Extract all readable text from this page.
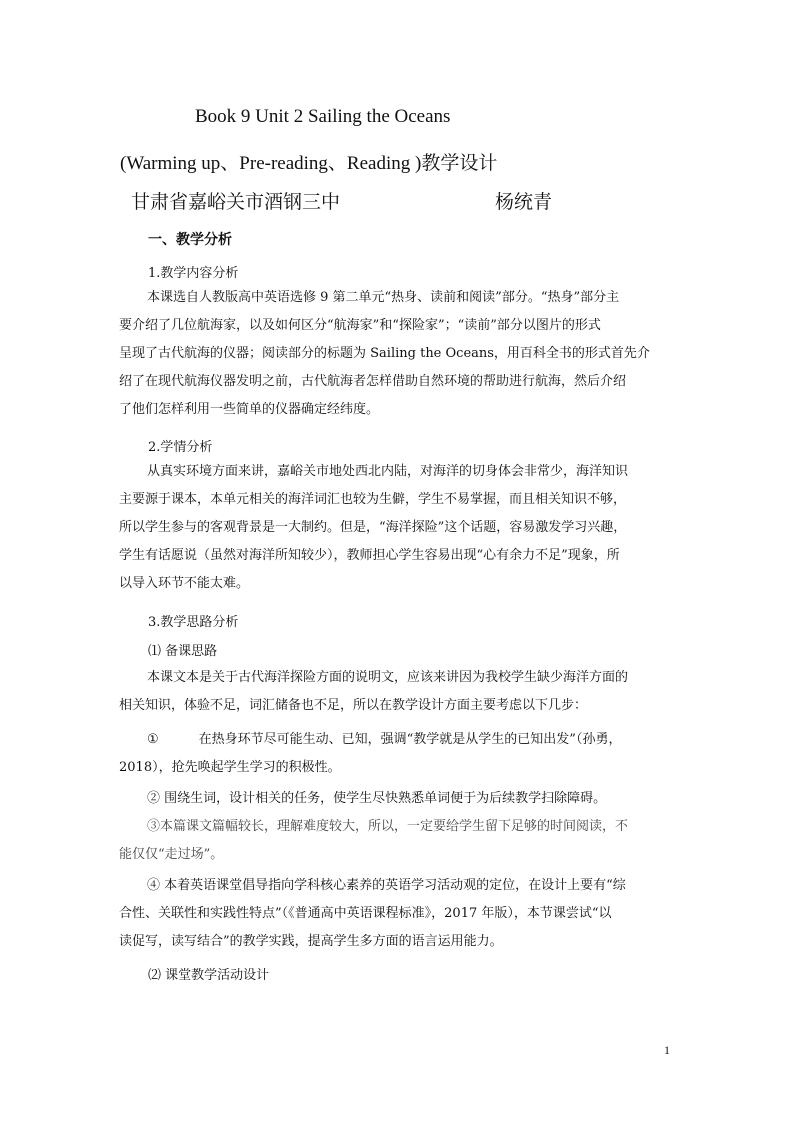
Book 9 Unit 2 Sailing the Oceans
(Warming up、Pre-reading、Reading )教学设计
甘肃省嘉峪关市酒钢三中	杨统青
一、教学分析
1.教学内容分析
本课选自人教版高中英语选修 9 第二单元“热身、读前和阅读”部分。“热身”部分主
要介绍了几位航海家，以及如何区分“航海家”和“探险家”；“读前”部分以图片的形式
呈现了古代航海的仪器；阅读部分的标题为 Sailing the Oceans，用百科全书的形式首先介
绍了在现代航海仪器发明之前，古代航海者怎样借助自然环境的帮助进行航海，然后介绍
了他们怎样利用一些简单的仪器确定经纬度。
2.学情分析
从真实环境方面来讲，嘉峪关市地处西北内陆，对海洋的切身体会非常少，海洋知识
主要源于课本，本单元相关的海洋词汇也较为生僻，学生不易掌握，而且相关知识不够，
所以学生参与的客观背景是一大制约。但是，“海洋探险”这个话题，容易激发学习兴趣，
学生有话愿说（虽然对海洋所知较少），教师担心学生容易出现“心有余力不足”现象，所
以导入环节不能太难。
3.教学思路分析
⑴ 备课思路
本课文本是关于古代海洋探险方面的说明文，应该来讲因为我校学生缺少海洋方面的
相关知识，体验不足，词汇储备也不足，所以在教学设计方面主要考虑以下几步：
①	在热身环节尽可能生动、已知，强调“教学就是从学生的已知出发”（孙勇，
2018），抢先唤起学生学习的积极性。
② 围绕生词，设计相关的任务，使学生尽快熟悉单词便于为后续教学扫除障碍。
③本篇课文篇幅较长，理解难度较大，所以，一定要给学生留下足够的时间阅读，不
能仅仅“走过场”。
④ 本着英语课堂倡导指向学科核心素养的英语学习活动观的定位，在设计上要有“综
合性、关联性和实践性特点”（《普通高中英语课程标准》，2017 年版），本节课尝试“以
读促写，读写结合”的教学实践，提高学生多方面的语言运用能力。
⑵ 课堂教学活动设计
1
